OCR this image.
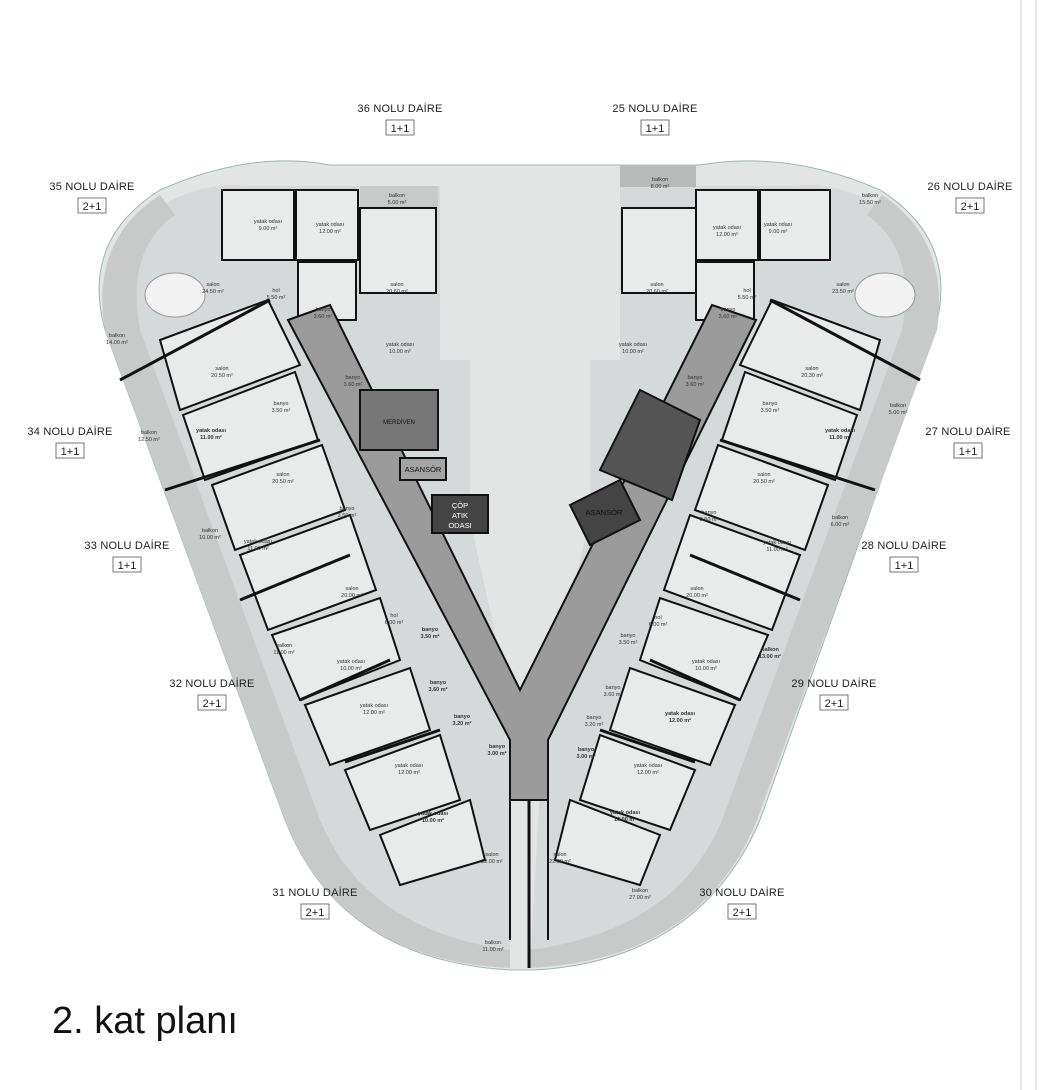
ASANSÖR
ASANSÖR
ÇÖP
ATIK
ODASI
MERDİVEN
36 NOLU DAİRE
1+1
25 NOLU DAİRE
1+1
35 NOLU DAİRE
2+1
26 NOLU DAİRE
2+1
34 NOLU DAİRE
1+1
27 NOLU DAİRE
1+1
33 NOLU DAİRE
1+1
28 NOLU DAİRE
1+1
32 NOLU DAİRE
2+1
29 NOLU DAİRE
2+1
31 NOLU DAİRE
2+1
30 NOLU DAİRE
2+1
balkon
5.00 m²
yatak odası
9.00 m²
yatak odası
12.00 m²
salon
20.60 m²
salon
24.50 m²	hol
5.50 m²
banyo
3.60 m²
balkon
14.00 m²	yatak odası
10.00 m²
banyo
3.60 m²
salon
20.50 m²
banyo
3.50 m²
balkon
12.50 m²
yatak odası
11.00 m²
salon
20.50 m²
banyo
3.50 m²
balkon
10.00 m²
yatak odası
11.00 m²
salon
20.00 m²
hol
6.00 m²
banyo
3.50 m²
balkon
11.00 m²
yatak odası
10.00 m²
banyo
3.60 m²
yatak odası
12.00 m²
banyo
3.20 m²
banyo
3.00 m²
yatak odası
12.00 m²
yatak odası
10.00 m²
salon
22.00 m²
balkon
11.00 m²
balkon
8.00 m²
yatak odası
12.00 m²
yatak odası
9.00 m²
balkon
15.50 m²
salon
20.60 m²	hol
5.50 m²
salon
23.50 m²
banyo
3.60 m²
yatak odası
10.00 m²
banyo
3.60 m²
salon
20.30 m²
banyo
3.50 m²
balkon
5.00 m²
yatak odası
11.00 m²
salon
20.50 m²
banyo
3.50 m²	balkon
6.00 m²
yatak odası
11.00 m²
salon
20.00 m²
hol
6.00 m²
banyo
3.50 m²
balkon
13.00 m²
yatak odası
10.00 m²
banyo
3.60 m²
yatak odası
12.00 m²
banyo
3.20 m²
banyo
3.00 m²
yatak odası
12.00 m²
yatak odası
10.00 m²
salon
22.00 m²
balkon
27.00 m²
2. kat planı
